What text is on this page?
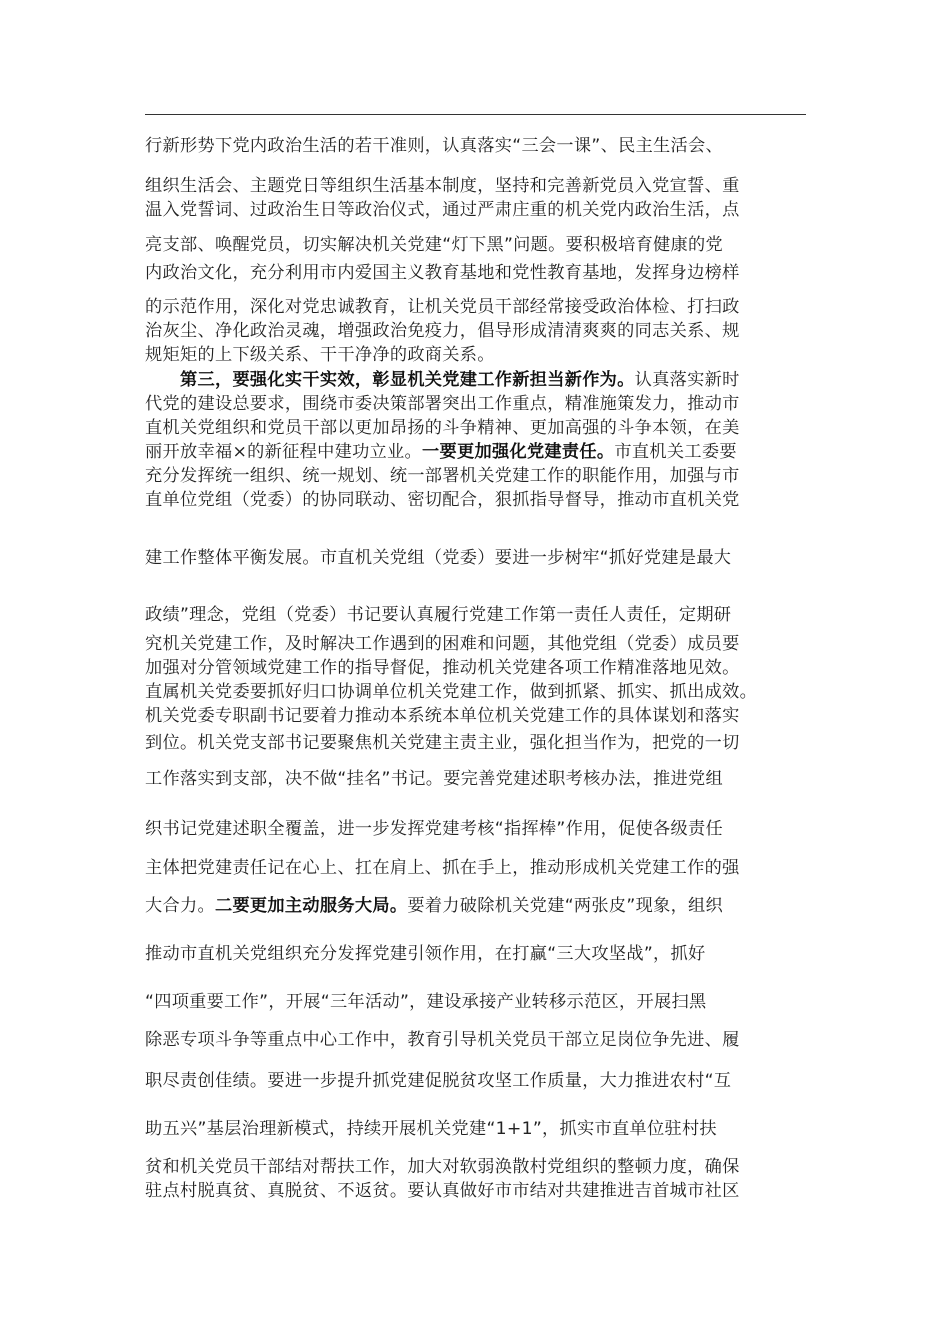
行新形势下党内政治生活的若干准则，认真落实“三会一课”、民主生活会、
组织生活会、主题党日等组织生活基本制度，坚持和完善新党员入党宣誓、重
温入党誓词、过政治生日等政治仪式，通过严肃庄重的机关党内政治生活，点
亮支部、唤醒党员，切实解决机关党建“灯下黑”问题。要积极培育健康的党
内政治文化，充分利用市内爱国主义教育基地和党性教育基地，发挥身边榜样
的示范作用，深化对党忠诚教育，让机关党员干部经常接受政治体检、打扫政
治灰尘、净化政治灵魂，增强政治免疫力，倡导形成清清爽爽的同志关系、规
规矩矩的上下级关系、干干净净的政商关系。
　　第三，要强化实干实效，彰显机关党建工作新担当新作为。认真落实新时
代党的建设总要求，围绕市委决策部署突出工作重点，精准施策发力，推动市
直机关党组织和党员干部以更加昂扬的斗争精神、更加高强的斗争本领，在美
丽开放幸福×的新征程中建功立业。一要更加强化党建责任。市直机关工委要
充分发挥统一组织、统一规划、统一部署机关党建工作的职能作用，加强与市
直单位党组（党委）的协同联动、密切配合，狠抓指导督导，推动市直机关党
建工作整体平衡发展。市直机关党组（党委）要进一步树牢“抓好党建是最大
政绩”理念，党组（党委）书记要认真履行党建工作第一责任人责任，定期研
究机关党建工作，及时解决工作遇到的困难和问题，其他党组（党委）成员要
加强对分管领域党建工作的指导督促，推动机关党建各项工作精准落地见效。
直属机关党委要抓好归口协调单位机关党建工作，做到抓紧、抓实、抓出成效。
机关党委专职副书记要着力推动本系统本单位机关党建工作的具体谋划和落实
到位。机关党支部书记要聚焦机关党建主责主业，强化担当作为，把党的一切
工作落实到支部，决不做“挂名”书记。要完善党建述职考核办法，推进党组
织书记党建述职全覆盖，进一步发挥党建考核“指挥棒”作用，促使各级责任
主体把党建责任记在心上、扛在肩上、抓在手上，推动形成机关党建工作的强
大合力。二要更加主动服务大局。要着力破除机关党建“两张皮”现象，组织
推动市直机关党组织充分发挥党建引领作用，在打赢“三大攻坚战”，抓好
“四项重要工作”，开展“三年活动”，建设承接产业转移示范区，开展扫黑
除恶专项斗争等重点中心工作中，教育引导机关党员干部立足岗位争先进、履
职尽责创佳绩。要进一步提升抓党建促脱贫攻坚工作质量，大力推进农村“互
助五兴”基层治理新模式，持续开展机关党建“1+1”，抓实市直单位驻村扶
贫和机关党员干部结对帮扶工作，加大对软弱涣散村党组织的整顿力度，确保
驻点村脱真贫、真脱贫、不返贫。要认真做好市市结对共建推进吉首城市社区
